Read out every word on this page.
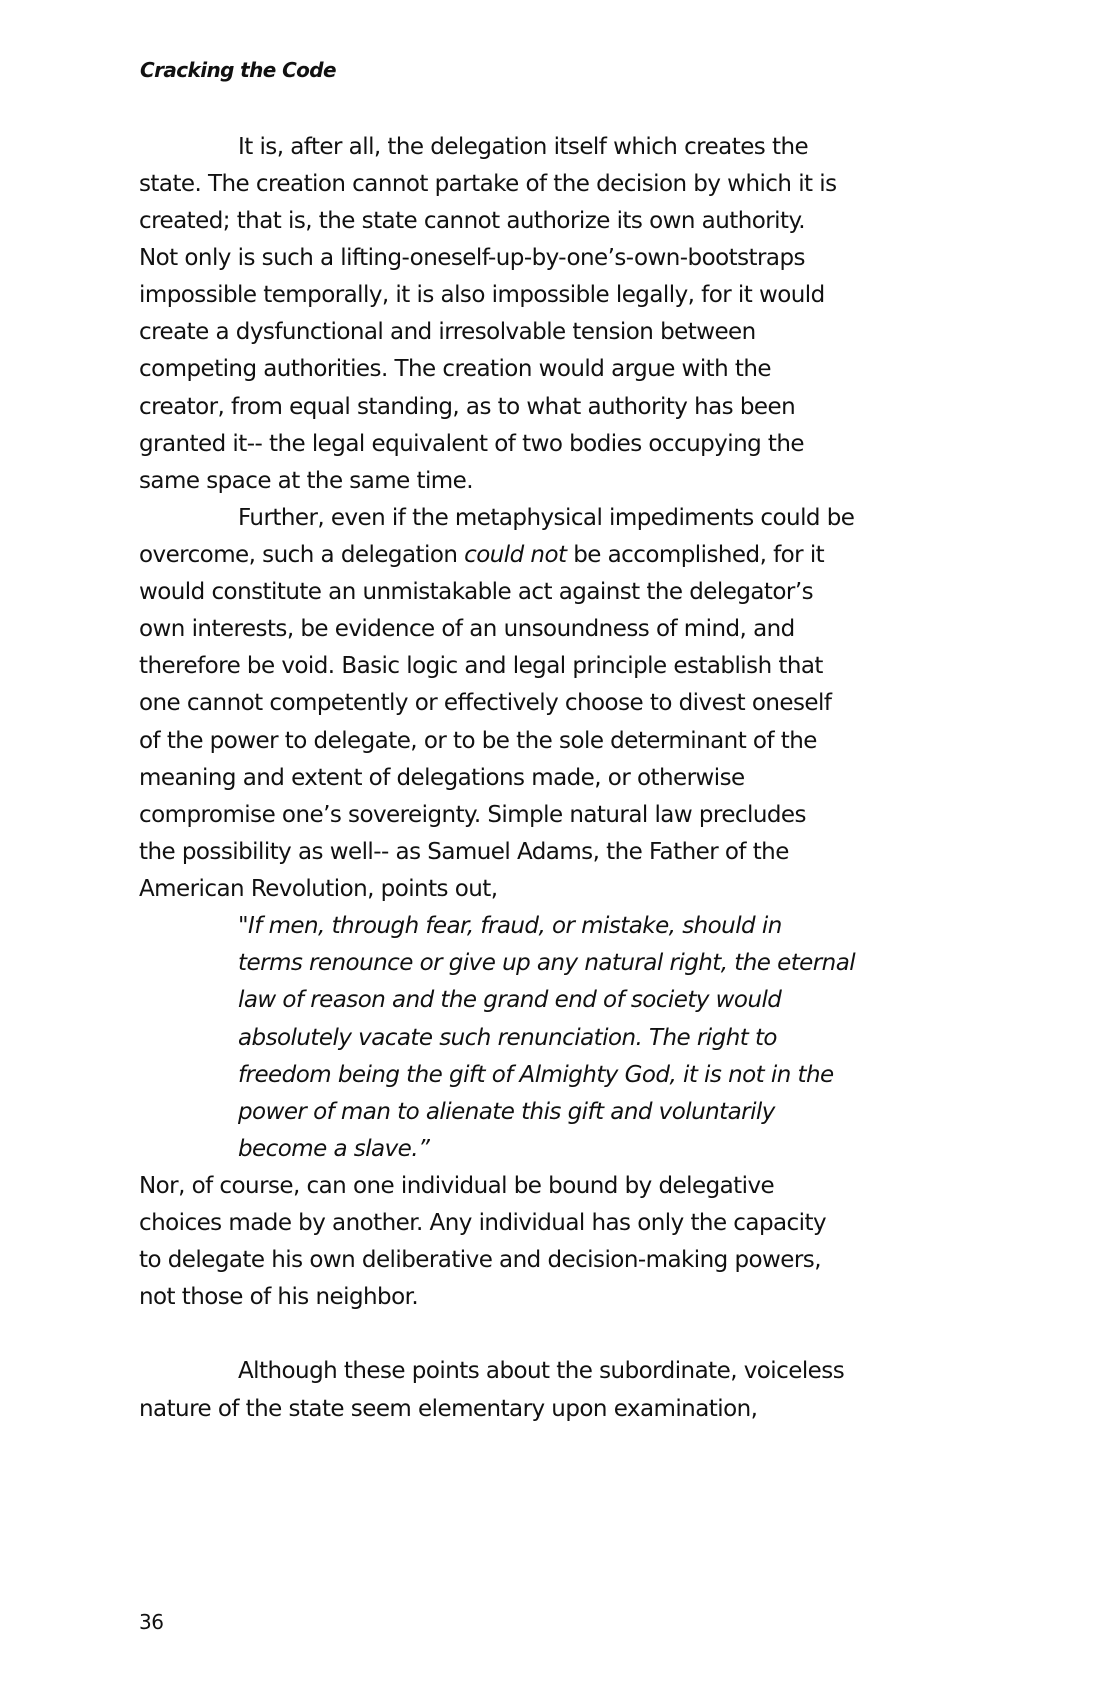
Cracking the Code
It is, after all, the delegation itself which creates the
state. The creation cannot partake of the decision by which it is
created; that is, the state cannot authorize its own authority.
Not only is such a lifting-oneself-up-by-one’s-own-bootstraps
impossible temporally, it is also impossible legally, for it would
create a dysfunctional and irresolvable tension between
competing authorities. The creation would argue with the
creator, from equal standing, as to what authority has been
granted it-- the legal equivalent of two bodies occupying the
same space at the same time.
Further, even if the metaphysical impediments could be
overcome, such a delegation could not be accomplished, for it
would constitute an unmistakable act against the delegator’s
own interests, be evidence of an unsoundness of mind, and
therefore be void. Basic logic and legal principle establish that
one cannot competently or effectively choose to divest oneself
of the power to delegate, or to be the sole determinant of the
meaning and extent of delegations made, or otherwise
compromise one’s sovereignty. Simple natural law precludes
the possibility as well-- as Samuel Adams, the Father of the
American Revolution, points out,
"If men, through fear, fraud, or mistake, should in
terms renounce or give up any natural right, the eternal
law of reason and the grand end of society would
absolutely vacate such renunciation. The right to
freedom being the gift of Almighty God, it is not in the
power of man to alienate this gift and voluntarily
become a slave.”
Nor, of course, can one individual be bound by delegative
choices made by another. Any individual has only the capacity
to delegate his own deliberative and decision-making powers,
not those of his neighbor.
Although these points about the subordinate, voiceless
nature of the state seem elementary upon examination,
36
